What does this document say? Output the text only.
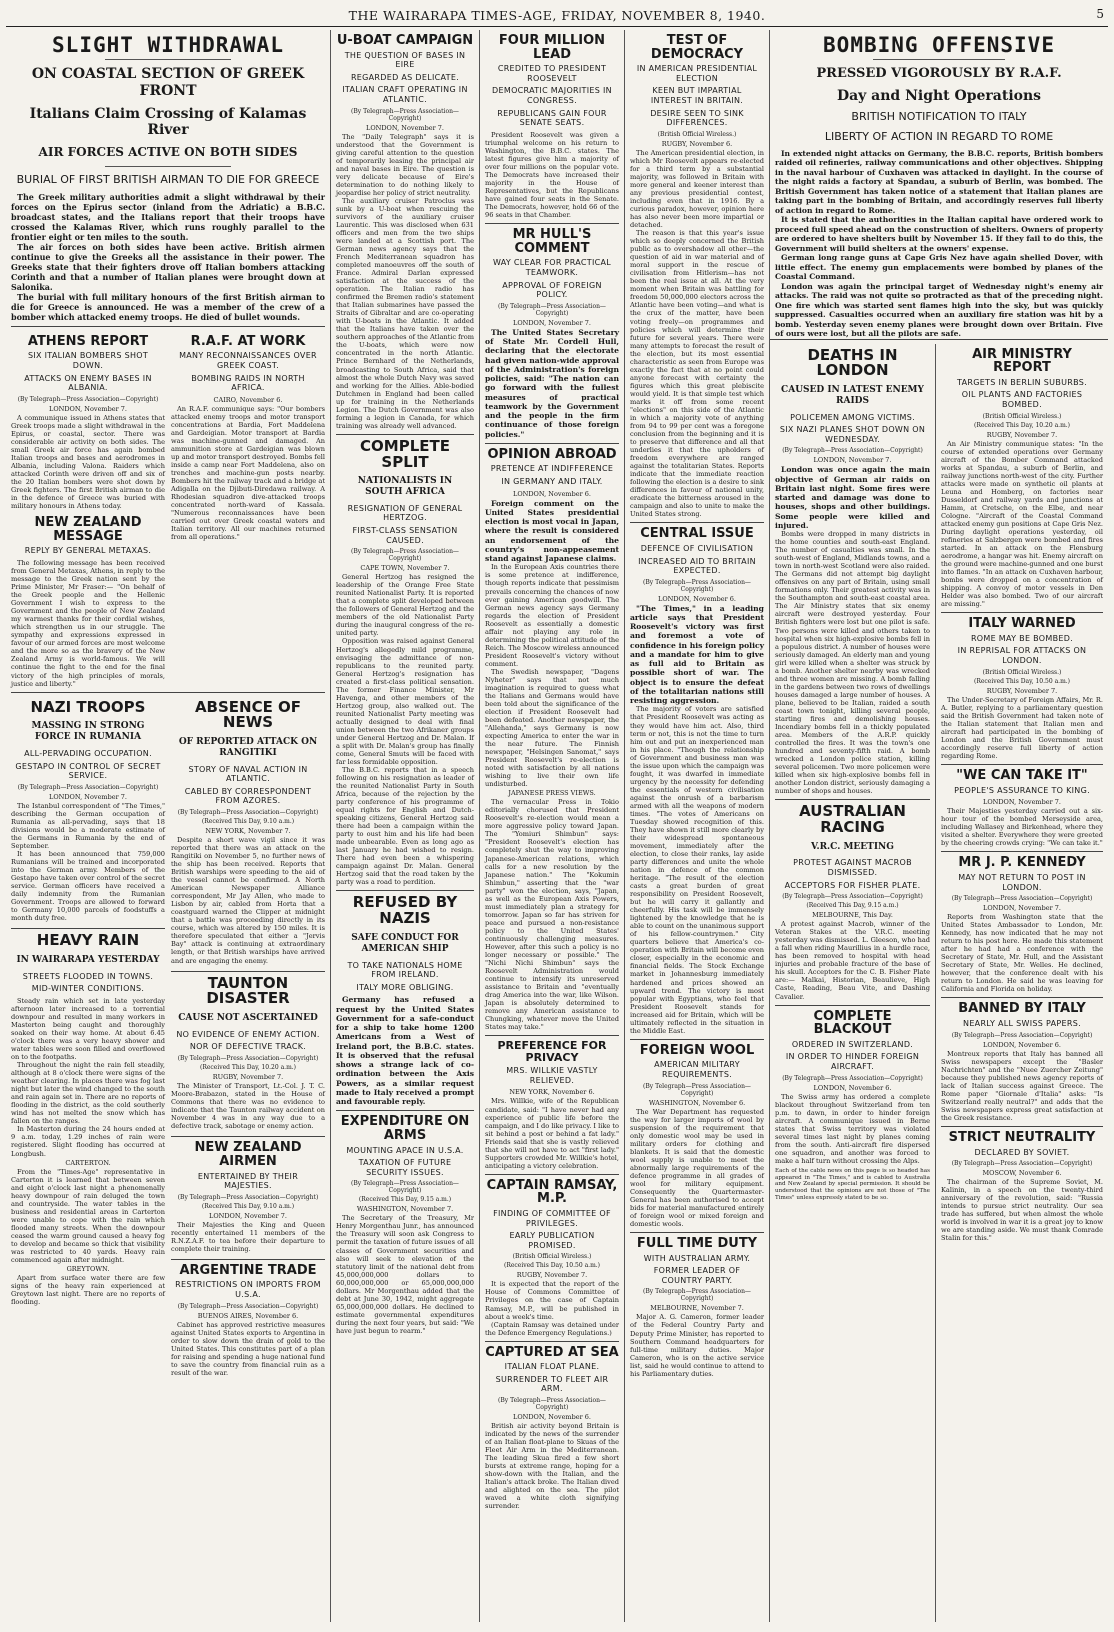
THE WAIRARAPA TIMES-AGE, FRIDAY, NOVEMBER 8, 1940.	5
SLIGHT WITHDRAWAL
ON COASTAL SECTION OF GREEK FRONT
Italians Claim Crossing of Kalamas River
AIR FORCES ACTIVE ON BOTH SIDES
BURIAL OF FIRST BRITISH AIRMAN TO DIE FOR GREECE

The Greek military authorities admit a slight withdrawal by their forces on the Epirus sector (inland from the Adriatic) a B.B.C. broadcast states, and the Italians report that their troops have crossed the Kalamas River, which runs roughly parallel to the frontier eight or ten miles to the south.

The air forces on both sides have been active. British airmen continue to give the Greeks all the assistance in their power. The Greeks state that their fighters drove off Italian bombers attacking Corinth and that a number of Italian planes were brought down at Salonika.

The burial with full military honours of the first British airman to die for Greece is announced. He was a member of the crew of a bomber which attacked enemy troops. He died of bullet wounds.

ATHENS REPORT
SIX ITALIAN BOMBERS SHOT DOWN.
ATTACKS ON ENEMY BASES IN ALBANIA.
(By Telegraph—Press Association—Copyright)
LONDON, November 7.

A communique issued in Athens states that Greek troops made a slight withdrawal in the Epirus, or coastal, sector. There was considerable air activity on both sides. The small Greek air force has again bombed Italian troops and bases and aerodromes in Albania, including Valona. Raiders which attacked Corinth were driven off and six of the 20 Italian bombers were shot down by Greek fighters. The first British airman to die in the defence of Greece was buried with military honours in Athens today.

NEW ZEALAND MESSAGE
REPLY BY GENERAL METAXAS.

The following message has been received from General Metaxas, Athens, in reply to the message to the Greek nation sent by the Prime Minister, Mr Fraser:— "On behalf of the Greek people and the Hellenic Government I wish to express to the Government and the people of New Zealand my warmest thanks for their cordial wishes, which strengthen us in our struggle. The sympathy and expressions expressed in favour of our armed forces are most welcome and the more so as the bravery of the New Zealand Army is world-famous. We will continue the fight to the end for the final victory of the high principles of morals, justice and liberty."

R.A.F. AT WORK
MANY RECONNAISSANCES OVER GREEK COAST.
BOMBING RAIDS IN NORTH AFRICA.
CAIRO, November 6.

An R.A.F. communique says: "Our bombers attacked enemy troops and motor transport concentrations at Bardia, Fort Maddelena and Gardeigian. Motor transport at Bardia was machine-gunned and damaged. An ammunition store at Gardeigian was blown up and motor transport destroyed. Bombs fell inside a camp near Fort Maddelena, also on trenches and machine-gun posts nearby. Bombers hit the railway track and a bridge at Adigalla on the Djibuti-Diredawa railway. A Rhodesian squadron dive-attacked troops concentrated north-ward of Kassala. "Numerous reconnaissances have been carried out over Greek coastal waters and Italian territory. All our machines returned from all operations."

NAZI TROOPS
MASSING IN STRONG FORCE IN RUMANIA
ALL-PERVADING OCCUPATION.
GESTAPO IN CONTROL OF SECRET SERVICE.
(By Telegraph—Press Association—Copyright)
LONDON, November 7.

The Istanbul correspondent of "The Times," describing the German occupation of Rumania as all-pervading, says that 18 divisions would be a moderate estimate of the Germans in Rumania by the end of September.

It has been announced that 759,000 Rumanians will be trained and incorporated into the German army. Members of the Gestapo have taken over control of the secret service. German officers have received a daily indemnity from the Rumanian Government. Troops are allowed to forward to Germany 10,000 parcels of foodstuffs a month duty free.

HEAVY RAIN
IN WAIRARAPA YESTERDAY
STREETS FLOODED IN TOWNS.
MID-WINTER CONDITIONS.

Steady rain which set in late yesterday afternoon later increased to a torrential downpour and resulted in many workers in Masterton being caught and thoroughly soaked on their way home. At about 6.45 o'clock there was a very heavy shower and water tables were soon filled and overflowed on to the footpaths.

Throughout the night the rain fell steadily, although at 8 o'clock there were signs of the weather clearing. In places there was fog last night but later the wind changed to the south and rain again set in. There are no reports of flooding in the district, as the cold southerly wind has not melted the snow which has fallen on the ranges.

In Masterton during the 24 hours ended at 9 a.m. today, 1.29 inches of rain were registered. Slight flooding has occurred at Longbush.

CARTERTON.

From the "Times-Age" representative in Carterton it is learned that between seven and eight o'clock last night a phenomenally heavy downpour of rain deluged the town and countryside. The water tables in the business and residential areas in Carterton were unable to cope with the rain which flooded many streets. When the downpour ceased the warm ground caused a heavy fog to develop and became so thick that visibility was restricted to 40 yards. Heavy rain commenced again after midnight.

GREYTOWN.

Apart from surface water there are few signs of the heavy rain experienced at Greytown last night. There are no reports of flooding.

ABSENCE OF NEWS
OF REPORTED ATTACK ON RANGITIKI
STORY OF NAVAL ACTION IN ATLANTIC.
CABLED BY CORRESPONDENT FROM AZORES.
(By Telegraph—Press Association—Copyright)
(Received This Day, 9.10 a.m.)
NEW YORK, November 7.

Despite a short wave vigil since it was reported that there was an attack on the Rangitiki on November 5, no further news of the ship has been received. Reports that British warships were speeding to the aid of the vessel cannot be confirmed. A North American Newspaper Alliance correspondent, Mr Jay Allen, who made to Lisbon by air, cabled from Horta that a coastguard warned the Clipper at midnight that a battle was proceeding directly in its course, which was altered by 150 miles. It is therefore speculated that either a "Jervis Bay" attack is continuing at extraordinary length, or that British warships have arrived and are engaging the enemy.

TAUNTON DISASTER
CAUSE NOT ASCERTAINED
NO EVIDENCE OF ENEMY ACTION.
NOR OF DEFECTIVE TRACK.
(By Telegraph—Press Association—Copyright)
(Received This Day, 10.20 a.m.)
RUGBY, November 7.

The Minister of Transport, Lt.-Col. J. T. C. Moore-Brabazon, stated in the House of Commons that there was no evidence to indicate that the Taunton railway accident on November 4 was in any way due to a defective track, sabotage or enemy action.

NEW ZEALAND AIRMEN
ENTERTAINED BY THEIR MAJESTIES.
(By Telegraph—Press Association—Copyright)
(Received This Day, 9.10 a.m.)
LONDON, November 7.

Their Majesties the King and Queen recently entertained 11 members of the R.N.Z.A.F. to tea before their departure to complete their training.

ARGENTINE TRADE
RESTRICTIONS ON IMPORTS FROM U.S.A.
(By Telegraph—Press Association—Copyright)
BUENOS AIRES, November 6.

Cabinet has approved restrictive measures against United States exports to Argentina in order to slow down the drain of gold to the United States. This constitutes part of a plan for raising and spending a huge national fund to save the country from financial ruin as a result of the war.

U-BOAT CAMPAIGN
THE QUESTION OF BASES IN EIRE
REGARDED AS DELICATE.
ITALIAN CRAFT OPERATING IN ATLANTIC.
(By Telegraph—Press Association—Copyright)
LONDON, November 7.

The "Daily Telegraph" says it is understood that the Government is giving careful attention to the question of temporarily leasing the principal air and naval bases in Eire. The question is very delicate because of Eire's determination to do nothing likely to jeopardise her policy of strict neutrality.

The auxiliary cruiser Patroclus was sunk by a U-boat when rescuing the survivors of the auxiliary cruiser Laurentic. This was disclosed when 631 officers and men from the two ships were landed at a Scottish port. The German news agency says that the French Mediterranean squadron has completed manoeuvres off the south of France. Admiral Darlan expressed satisfaction at the success of the operation. The Italian radio has confirmed the Bremen radio's statement that Italian submarines have passed the Straits of Gibraltar and are co-operating with U-boats in the Atlantic. It added that the Italians have taken over the southern approaches of the Atlantic from the U-boats, which were now concentrated in the north Atlantic. Prince Bernhard of the Netherlands, broadcasting to South Africa, said that almost the whole Dutch Navy was saved and working for the Allies. Able-bodied Dutchmen in England had been called up for training in the Netherlands Legion. The Dutch Government was also forming a legion in Canada, for which training was already well advanced.

COMPLETE SPLIT
NATIONALISTS IN SOUTH AFRICA
RESIGNATION OF GENERAL HERTZOG.
FIRST-CLASS SENSATION CAUSED.
(By Telegraph—Press Association—Copyright)
CAPE TOWN, November 7.

General Hertzog has resigned the leadership of the Orange Free State reunited Nationalist Party. It is reported that a complete split developed between the followers of General Hertzog and the members of the old Nationalist Party during the inaugural congress of the re-united party.

Opposition was raised against General Hertzog's allegedly mild programme, envisaging the admittance of non-republicans to the reunited party. General Hertzog's resignation has created a first-class political sensation. The former Finance Minister, Mr Havenga, and other members of the Hertzog group, also walked out. The reunited Nationalist Party meeting was actually designed to deal with final union between the two Afrikaner groups under General Hertzog and Dr. Malan. If a split with Dr. Malan's group has finally come, General Smuts will be faced with far less formidable opposition.

The B.B.C. reports that in a speech following on his resignation as leader of the reunited Nationalist Party in South Africa, because of the rejection by the party conference of his programme of equal rights for English and Dutch-speaking citizens, General Hertzog said there had been a campaign within the party to oust him and his life had been made unbearable. Even as long ago as last January he had wished to resign. There had even been a whispering campaign against Dr. Malan. General Hertzog said that the road taken by the party was a road to perdition.

REFUSED BY NAZIS
SAFE CONDUCT FOR AMERICAN SHIP
TO TAKE NATIONALS HOME FROM IRELAND.
ITALY MORE OBLIGING.

Germany has refused a request by the United States Government for a safe-conduct for a ship to take home 1200 Americans from a West of Ireland port, the B.B.C. states. It is observed that the refusal shows a strange lack of co-ordination between the Axis Powers, as a similar request made to Italy received a prompt and favourable reply.

EXPENDITURE ON ARMS
MOUNTING APACE IN U.S.A.
TAXATION OF FUTURE SECURITY ISSUES.
(By Telegraph—Press Association—Copyright)
(Received This Day, 9.15 a.m.)
WASHINGTON, November 7.

The Secretary of the Treasury, Mr Henry Morgenthau Junr., has announced the Treasury will soon ask Congress to permit the taxation of future issues of all classes of Government securities and also will seek to elevation of the statutory limit of the national debt from 45,000,000,000 dollars to 60,000,000,000 or 65,000,000,000 dollars. Mr Morgenthau added that the debt at June 30, 1942, might aggregate 65,000,000,000 dollars. He declined to estimate governmental expenditures during the next four years, but said: "We have just begun to rearm."

FOUR MILLION LEAD
CREDITED TO PRESIDENT ROOSEVELT
DEMOCRATIC MAJORITIES IN CONGRESS.
REPUBLICANS GAIN FOUR SENATE SEATS.

President Roosevelt was given a triumphal welcome on his return to Washington, the B.B.C. states. The latest figures give him a majority of over four millions on the popular vote. The Democrats have increased their majority in the House of Representatives, but the Republicans have gained four seats in the Senate. The Democrats, however, hold 66 of the 96 seats in that Chamber.

MR HULL'S COMMENT
WAY CLEAR FOR PRACTICAL TEAMWORK.
APPROVAL OF FOREIGN POLICY.
(By Telegraph—Press Association—Copyright)
LONDON, November 7.

The United States Secretary of State Mr. Cordell Hull, declaring that the electorate had given nation-wide approval of the Administration's foreign policies, said: "The nation can go forward with the fullest measures of practical teamwork by the Government and the people in the firm continuance of those foreign policies."

OPINION ABROAD
PRETENCE AT INDIFFERENCE
IN GERMANY AND ITALY.
LONDON, November 6.

Foreign comment on the United States presidential election is most vocal in Japan, where the result is considered an endorsement of the country's non-appeasement stand against Japanese claims.

In the European Axis countries there is some pretence at indifference, though reports indicate that pessimism prevails concerning the chances of now ever gaining American goodwill. The German news agency says Germany regards the election of President Roosevelt as essentially a domestic affair not playing any role in determining the political attitude of the Reich. The Moscow wireless announced President Roosevelt's victory without comment.

The Swedish newspaper, "Dagens Nyheter" says that not much imagination is required to guess what the Italians and Germans would have been told about the significance of the election if President Roosevelt had been defeated. Another newspaper, the "Allehanda," says Germany is now expecting America to enter the war in the near future. The Finnish newspaper, "Helsingen Sanomat," says President Roosevelt's re-election is noted with satisfaction by all nations wishing to live their own life undisturbed.

JAPANESE PRESS VIEWS.

The vernacular Press in Tokio editorially chorused that President Roosevelt's re-election would mean a more aggressive policy toward Japan. The "Yomiuri Shimbun" says: "President Roosevelt's election has completely shut the way to improving Japanese-American relations, which calls for a new resolution by the Japanese nation." The "Kokumin Shimbun," asserting that the "war party" won the election, says, "Japan, as well as the European Axis Powers, must immediately plan a strategy for tomorrow. Japan so far has striven for peace and pursued a non-resistance policy to the United States' continuously challenging measures. However, after this such a policy is no longer necessary or possible." The "Nichi Nichi Shimbun" says the Roosevelt Administration would continue to intensify its unreserved assistance to Britain and "eventually drag America into the war, like Wilson. Japan is absolutely determined to remove any American assistance to Chungking, whatever move the United States may take."

PREFERENCE FOR PRIVACY
MRS. WILLKIE VASTLY RELIEVED.
NEW YORK, November 6.

Mrs. Willkie, wife of the Republican candidate, said: "I have never had any experience of public life before the campaign, and I do like privacy. I like to sit behind a post or behind a fat lady." Friends said that she is vastly relieved that she will not have to act "first lady." Supporters crowded Mr. Willkie's hotel, anticipating a victory celebration.

CAPTAIN RAMSAY, M.P.
FINDING OF COMMITTEE OF PRIVILEGES.
EARLY PUBLICATION PROMISED.
(British Official Wireless.)
(Received This Day, 10.50 a.m.)
RUGBY, November 7.

It is expected that the report of the House of Commons Committee of Privileges on the case of Captain Ramsay, M.P., will be published in about a week's time.

(Captain Ramsay was detained under the Defence Emergency Regulations.)

CAPTURED AT SEA
ITALIAN FLOAT PLANE.
SURRENDER TO FLEET AIR ARM.
(By Telegraph—Press Association—Copyright)
LONDON, November 6.

British air activity beyond Britain is indicated by the news of the surrender of an Italian float-plane to Skuas of the Fleet Air Arm in the Mediterranean. The leading Skua fired a few short bursts at extreme range, hoping for a show-down with the Italian, and the Italian's attack broke. The Italian dived and alighted on the sea. The pilot waved a white cloth signifying surrender.

TEST OF DEMOCRACY
IN AMERICAN PRESIDENTIAL ELECTION
KEEN BUT IMPARTIAL INTEREST IN BRITAIN.
DESIRE SEEN TO SINK DIFFERENCES.
(British Official Wireless.)
RUGBY, November 6.

The American presidential election, in which Mr Roosevelt appears re-elected for a third term by a substantial majority, was followed in Britain with more general and keener interest than any previous presidential contest, including even that in 1916. By a curious paradox, however, opinion here has also never been more impartial or detached.

The reason is that this year's issue which so deeply concerned the British public as to overshadow all other—the question of aid in war material and of moral support in the rescue of civilisation from Hitlerism—has not been the real issue at all. At the very moment when Britain was battling for freedom 50,000,000 electors across the Atlantic have been voting—and what is the crux of the matter, have been voting freely—on programmes and policies which will determine their future for several years. There were many attempts to forecast the result of the election, but its most essential characteristic as seen from Europe was exactly the fact that at no point could anyone forecast with certainty the figures which this great plebiscite would yield. It is that simple test which marks it off from some recent "elections" on this side of the Atlantic in which a majority vote of anything from 94 to 99 per cent was a foregone conclusion from the beginning and it is to preserve that difference and all that underlies it that the upholders of freedom everywhere are ranged against the totalitarian States. Reports indicate that the immediate reaction following the election is a desire to sink differences in favour of national unity, eradicate the bitterness aroused in the campaign and also to unite to make the United States strong.

CENTRAL ISSUE
DEFENCE OF CIVILISATION
INCREASED AID TO BRITAIN EXPECTED.
(By Telegraph—Press Association—Copyright)
LONDON, November 6.

"The Times," in a leading article says that President Roosevelt's victory was first and foremost a vote of confidence in his foreign policy and a mandate for him to give as full aid to Britain as possible short of war. The object is to ensure the defeat of the totalitarian nations still resisting aggression.

The majority of voters are satisfied that President Roosevelt was acting as they would have him act. Also, third term or not, this is not the time to turn him out and put an inexperienced man in his place. "Though the relationship of Government and business man was the issue upon which the campaign was fought, it was dwarfed in immediate urgency by the necessity for defending the essentials of western civilisation against the onrush of a barbarism armed with all the weapons of modern times. "The votes of Americans on Tuesday showed recognition of this. They have shown it still more clearly by their widespread spontaneous movement, immediately after the election, to close their ranks, lay aside party differences and unite the whole nation in defence of the common heritage. "The result of the election casts a great burden of great responsibility on President Roosevelt, but he will carry it gallantly and cheerfully. His task will be immensely lightened by the knowledge that he is able to count on the unanimous support of his fellow-countrymen." City quarters believe that America's co-operation with Britain will become even closer, especially in the economic and financial fields. The Stock Exchange market in Johannesburg immediately hardened and prices showed an upward trend. The victory is most popular with Egyptians, who feel that President Roosevelt stands for increased aid for Britain, which will be ultimately reflected in the situation in the Middle East.

FOREIGN WOOL
AMERICAN MILITARY REQUIREMENTS.
(By Telegraph—Press Association—Copyright)
WASHINGTON, November 6.

The War Department has requested the way for larger imports of wool by suspension of the requirement that only domestic wool may be used in military orders for clothing and blankets. It is said that the domestic wool supply is unable to meet the abnormally large requirements of the defence programme in all grades of wool for military equipment. Consequently the Quartermaster-General has been authorised to accept bids for material manufactured entirely of foreign wool or mixed foreign and domestic wools.

FULL TIME DUTY
WITH AUSTRALIAN ARMY.
FORMER LEADER OF COUNTRY PARTY.
(By Telegraph—Press Association—Copyright)
MELBOURNE, November 7.

Major A. G. Cameron, former leader of the Federal Country Party and Deputy Prime Minister, has reported to Southern Command headquarters for full-time military duties. Major Cameron, who is on the active service list, said he would continue to attend to his Parliamentary duties.

BOMBING OFFENSIVE
PRESSED VIGOROUSLY BY R.A.F.
Day and Night Operations
BRITISH NOTIFICATION TO ITALY
LIBERTY OF ACTION IN REGARD TO ROME

In extended night attacks on Germany, the B.B.C. reports, British bombers raided oil refineries, railway communications and other objectives. Shipping in the naval harbour of Cuxhaven was attacked in daylight. In the course of the night raids a factory at Spandau, a suburb of Berlin, was bombed. The British Government has taken notice of a statement that Italian planes are taking part in the bombing of Britain, and accordingly reserves full liberty of action in regard to Rome.

It is stated that the authorities in the Italian capital have ordered work to proceed full speed ahead on the construction of shelters. Owners of property are ordered to have shelters built by November 15. If they fail to do this, the Government will build shelters at the owners' expense.

German long range guns at Cape Gris Nez have again shelled Dover, with little effect. The enemy gun emplacements were bombed by planes of the Coastal Command.

London was again the principal target of Wednesday night's enemy air attacks. The raid was not quite so protracted as that of the preceding night. One fire which was started sent flames high into the sky, but was quickly suppressed. Casualties occurred when an auxiliary fire station was hit by a bomb. Yesterday seven enemy planes were brought down over Britain. Five of ours were lost, but all the pilots are safe.

DEATHS IN LONDON
CAUSED IN LATEST ENEMY RAIDS
POLICEMEN AMONG VICTIMS.
SIX NAZI PLANES SHOT DOWN ON WEDNESDAY.
(By Telegraph—Press Association—Copyright)
LONDON, November 7.

London was once again the main objective of German air raids on Britain last night. Some fires were started and damage was done to houses, shops and other buildings. Some people were killed and injured.

Bombs were dropped in many districts in the home counties and south-east England. The number of casualties was small. In the south-west of England, Midlands towns, and a town in north-west Scotland were also raided. The Germans did not attempt big daylight offensives on any part of Britain, using small formations only. Their greatest activity was in the Southampton and south-east coastal area. The Air Ministry states that six enemy aircraft were destroyed yesterday. Four British fighters were lost but one pilot is safe. Two persons were killed and others taken to hospital when six high-explosive bombs fell in a populous district. A number of houses were seriously damaged. An elderly man and young girl were killed when a shelter was struck by a bomb. Another shelter nearby was wrecked and three women are missing. A bomb falling in the gardens between two rows of dwellings houses damaged a large number of houses. A plane, believed to be Italian, raided a south coast town tonight, killing several people, starting fires and demolishing houses. Incendiary bombs fell in a thickly populated area. Members of the A.R.P. quickly controlled the fires. It was the town's one hundred and seventy-fifth raid. A bomb wrecked a London police station, killing several policemen. Two more policemen were killed when six high-explosive bombs fell in another London district, seriously damaging a number of shops and houses.

AUSTRALIAN RACING
V.R.C. MEETING
PROTEST AGAINST MACROB DISMISSED.
ACCEPTORS FOR FISHER PLATE.
(By Telegraph—Press Association—Copyright)
(Received This Day, 9.15 a.m.)
MELBOURNE, This Day.

A protest against Macrob, winner of the Veteran Stakes at the V.R.C. meeting yesterday was dismissed. L. Gleeson, who had a fall when riding Maurillius in a hurdle race, has been removed to hospital with head injuries and probable fracture of the base of his skull. Acceptors for the C. B. Fisher Plate are:— Malkai, Historian, Beaulieve, High Caste, Reading, Beau Vite, and Dashing Cavalier.

COMPLETE BLACKOUT
ORDERED IN SWITZERLAND.
IN ORDER TO HINDER FOREIGN AIRCRAFT.
(By Telegraph—Press Association—Copyright)
LONDON, November 6.

The Swiss army has ordered a complete blackout throughout Switzerland from ten p.m. to dawn, in order to hinder foreign aircraft. A communique issued in Berne states that Swiss territory was violated several times last night by planes coming from the south. Anti-aircraft fire dispersed one squadron, and another was forced to make a half turn without crossing the Alps.

Each of the cable news on this page is so headed has appeared in "The Times," and is cabled to Australia and New Zealand by special permission. It should be understood that the opinions are not those of "The Times" unless expressly stated to be so.

AIR MINISTRY REPORT
TARGETS IN BERLIN SUBURBS.
OIL PLANTS AND FACTORIES BOMBED.
(British Official Wireless.)
(Received This Day, 10.20 a.m.)
RUGBY, November 7.

An Air Ministry communique states: "In the course of extended operations over Germany aircraft of the Bomber Command attacked works at Spandau, a suburb of Berlin, and railway junctions north-west of the city. Further attacks were made on synthetic oil plants at Leuna and Homberg, on factories near Dusseldorf and railway yards and junctions at Hamm, at Cretsche, on the Elbe, and near Cologne. "Aircraft of the Coastal Command attacked enemy gun positions at Cape Gris Nez. During daylight operations yesterday, oil refineries at Salzbergen were bombed and fires started. In an attack on the Flensburg aerodrome, a hangar was hit. Enemy aircraft on the ground were machine-gunned and one burst into flames. "In an attack on Cuxhaven harbour, bombs were dropped on a concentration of shipping. A convoy of motor vessels in Den Helder was also bombed. Two of our aircraft are missing."

ITALY WARNED
ROME MAY BE BOMBED.
IN REPRISAL FOR ATTACKS ON LONDON.
(British Official Wireless.)
(Received This Day, 10.50 a.m.)
RUGBY, November 7.

The Under-Secretary of Foreign Affairs, Mr. R. A. Butler, replying to a parliamentary question said the British Government had taken note of the Italian statement that Italian men and aircraft had participated in the bombing of London and the British Government must accordingly reserve full liberty of action regarding Rome.

"WE CAN TAKE IT"
PEOPLE'S ASSURANCE TO KING.
LONDON, November 7.

Their Majesties yesterday carried out a six-hour tour of the bombed Merseyside area, including Wallasey and Birkenhead, where they visited a shelter. Everywhere they were greeted by the cheering crowds crying: "We can take it."

MR J. P. KENNEDY
MAY NOT RETURN TO POST IN LONDON.
(By Telegraph—Press Association—Copyright)
LONDON, November 7.

Reports from Washington state that the United States Ambassador to London, Mr. Kennedy, has now indicated that he may not return to his post here. He made this statement after he had had a conference with the Secretary of State, Mr. Hull, and the Assistant Secretary of State, Mr. Welles. He declined, however, that the conference dealt with his return to London. He said he was leaving for California and Florida on holiday.

BANNED BY ITALY
NEARLY ALL SWISS PAPERS.
(By Telegraph—Press Association—Copyright)
LONDON, November 6.

Montreux reports that Italy has banned all Swiss newspapers except the "Basler Nachrichten" and the "Nuee Zuercher Zeitung" because they published news agency reports of lack of Italian success against Greece. The Rome paper "Giornale d'Italia" asks: "Is Switzerland really neutral?" and adds that the Swiss newspapers express great satisfaction at the Greek resistance.

STRICT NEUTRALITY
DECLARED BY SOVIET.
(By Telegraph—Press Association—Copyright)
MOSCOW, November 6.

The chairman of the Supreme Soviet, M. Kalinin, in a speech on the twenty-third anniversary of the revolution, said: "Russia intends to pursue strict neutrality. Our sea trade has suffered, but when almost the whole world is involved in war it is a great joy to know we are standing aside. We must thank Comrade Stalin for this."
